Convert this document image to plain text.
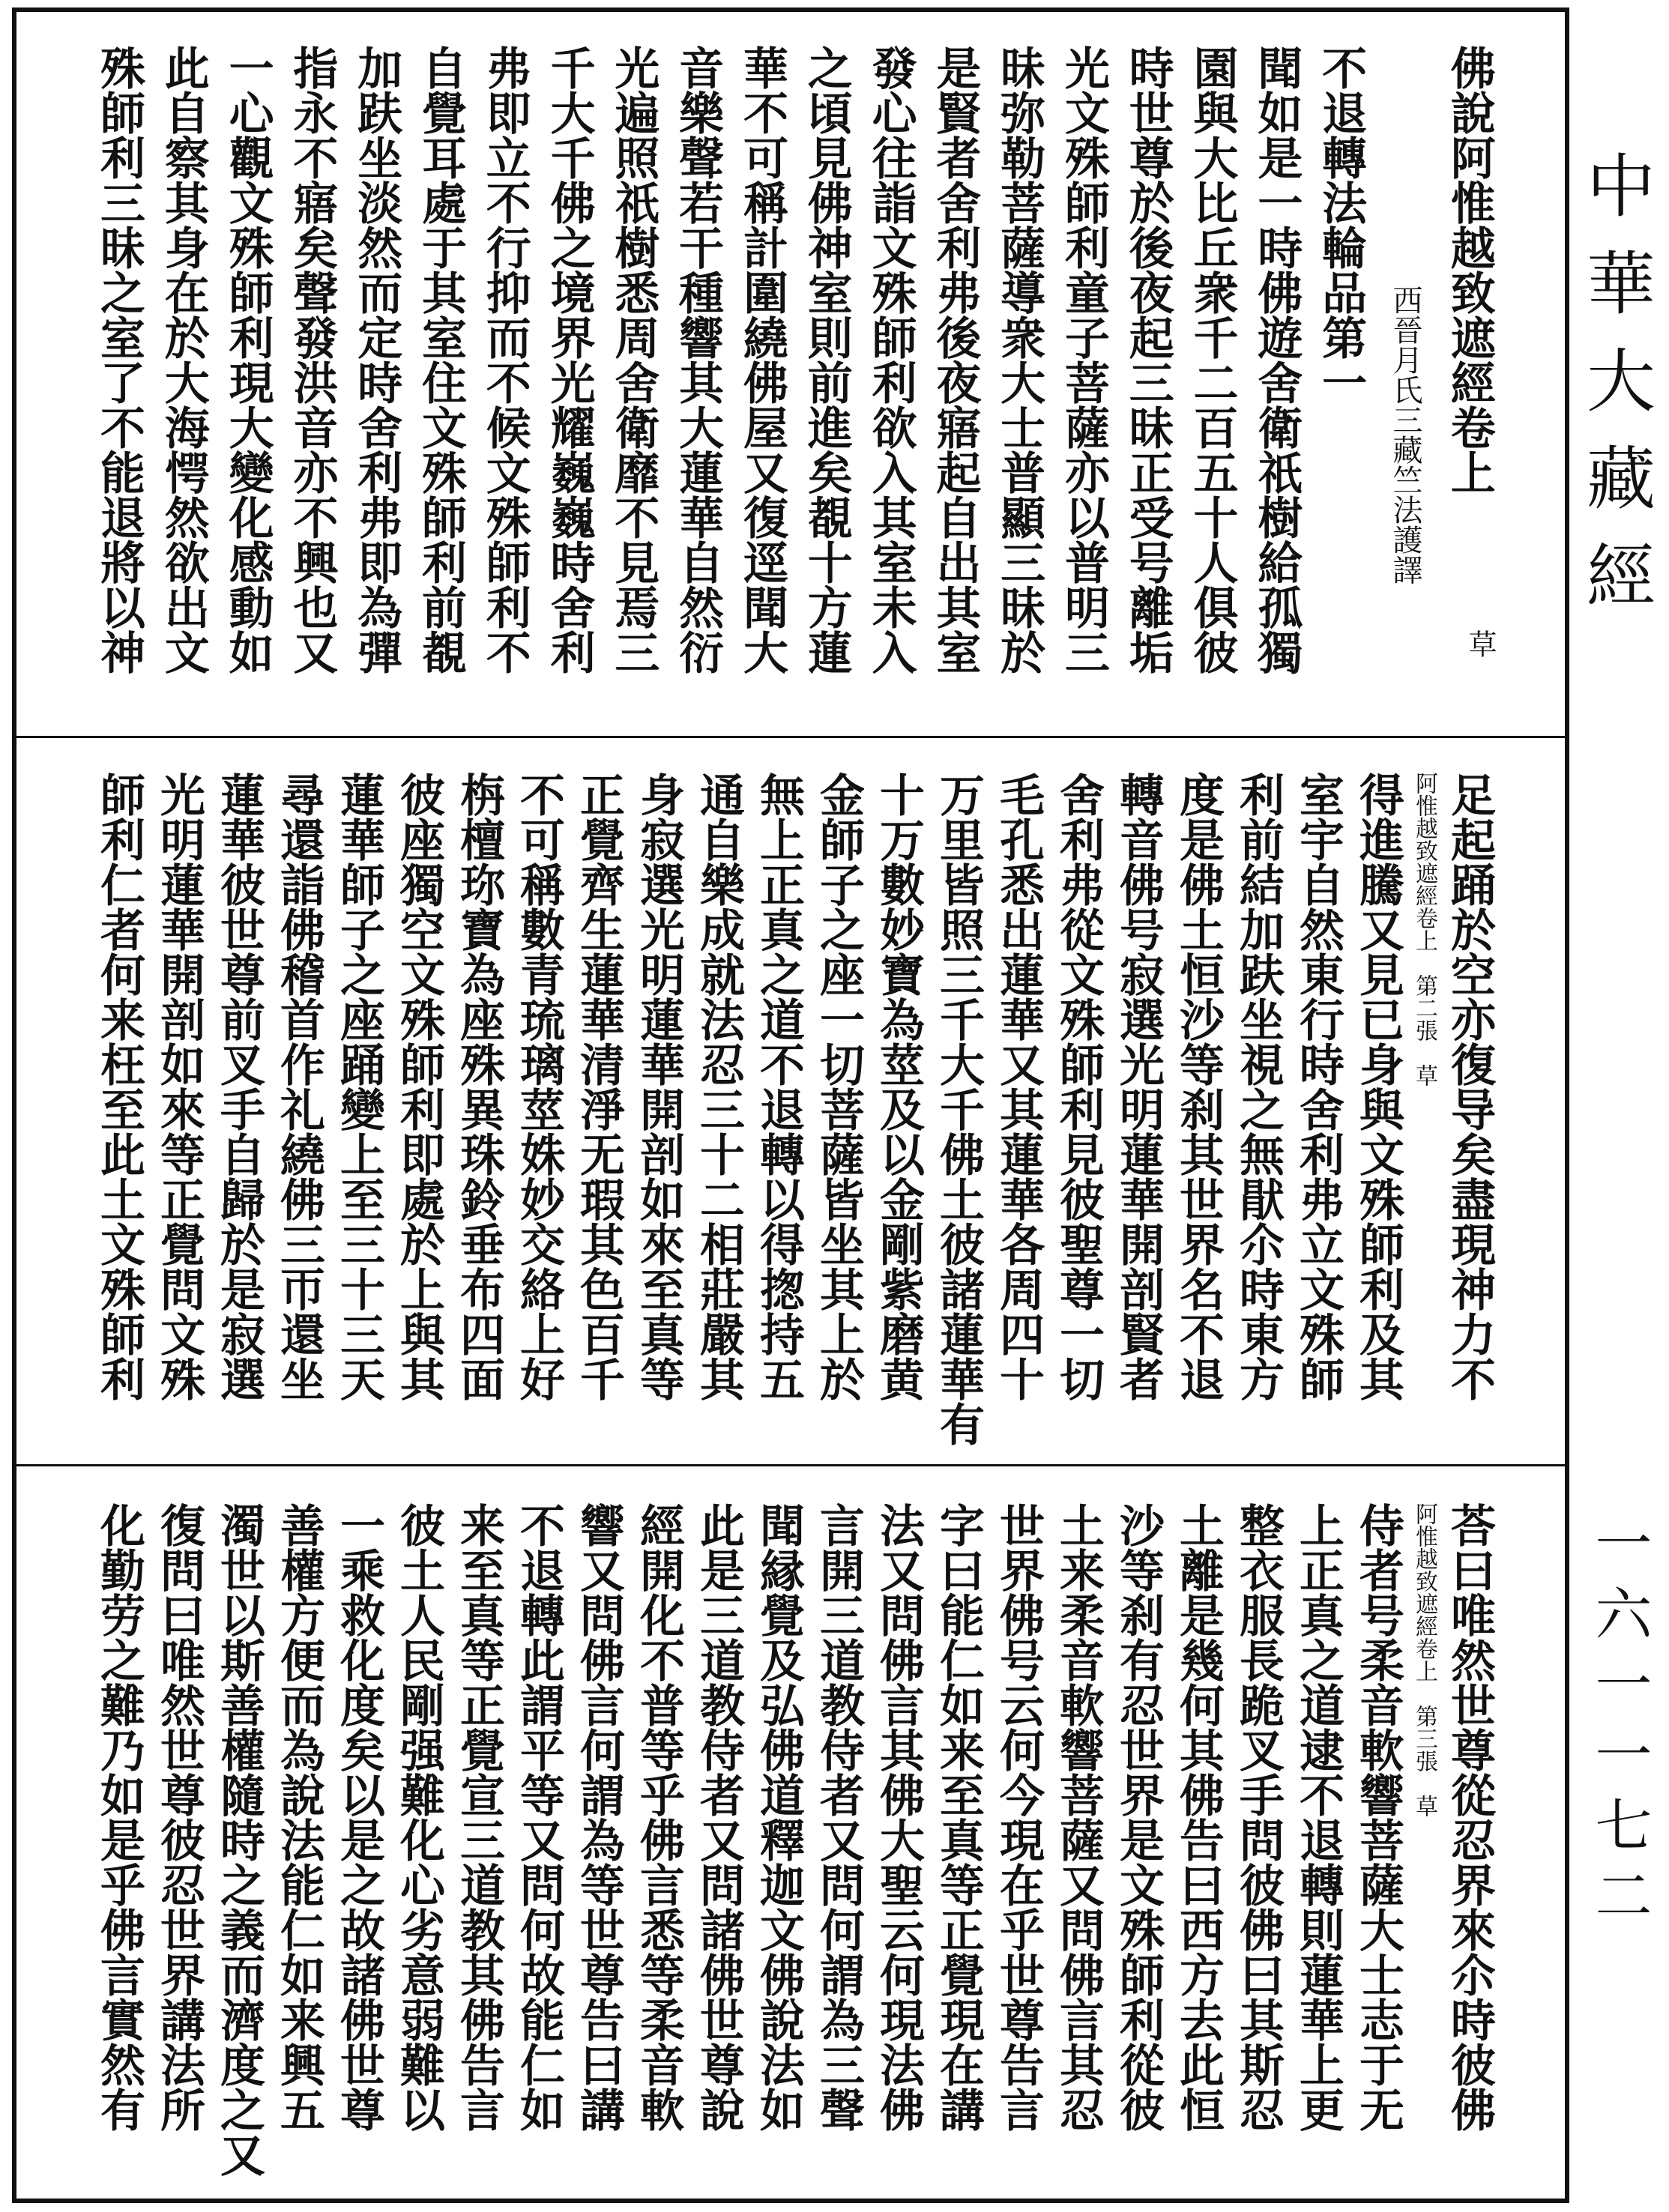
佛說阿惟越致遮經卷上
西晉月氏三藏竺法護譯
不退轉法輪品第一
聞如是一時佛遊舍衛祇樹給孤獨
園與大比丘衆千二百五十人俱彼
時世尊於後夜起三昧正受号離垢
光文殊師利童子菩薩亦以普明三
昧弥勒菩薩導衆大士普顯三昧於
是賢者舍利弗後夜寤起自出其室
發心往詣文殊師利欲入其室未入
之頃見佛神室則前進矣覩十方蓮
華不可稱計圍繞佛屋又復逕聞大
音樂聲若干種響其大蓮華自然衍
光遍照祇樹悉周舍衛靡不見焉三
千大千佛之境界光耀巍巍時舍利
弗即立不行抑而不候文殊師利不
自覺耳處于其室住文殊師利前覩
加趺坐淡然而定時舍利弗即為彈
指永不寤矣聲發洪音亦不興也又
一心觀文殊師利現大變化感動如
此自察其身在於大海愕然欲出文
殊師利三昧之室了不能退將以神	草
足起踊於空亦復导矣盡現神力不
阿惟越致遮經卷上　第二張　草
得進騰又見已身與文殊師利及其
室宇自然東行時舍利弗立文殊師
利前結加趺坐視之無猒尒時東方
度是佛土恒沙等刹其世界名不退
轉音佛号寂選光明蓮華開剖賢者
舍利弗從文殊師利見彼聖尊一切
毛孔悉出蓮華又其蓮華各周四十
万里皆照三千大千佛土彼諸蓮華有
十万數妙寶為莖及以金剛紫磨黄
金師子之座一切菩薩皆坐其上於
無上正真之道不退轉以得揔持五
通自樂成就法忍三十二相莊嚴其
身寂選光明蓮華開剖如來至真等
正覺齊生蓮華清淨无瑕其色百千
不可稱數青琉璃莖姝妙交絡上好
栴檀珎寶為座殊異珠鈴垂布四面
彼座獨空文殊師利即處於上與其
蓮華師子之座踊變上至三十三天
尋還詣佛稽首作礼繞佛三帀還坐
蓮華彼世尊前叉手自歸於是寂選
光明蓮華開剖如來等正覺問文殊
師利仁者何来枉至此土文殊師利
荅曰唯然世尊從忍界來尒時彼佛
阿惟越致遮經卷上　第三張　草
侍者号柔音軟響菩薩大士志于无
上正真之道逮不退轉則蓮華上更
整衣服長跪叉手問彼佛曰其斯忍
土離是幾何其佛告曰西方去此恒
沙等刹有忍世界是文殊師利從彼
土来柔音軟響菩薩又問佛言其忍
世界佛号云何今現在乎世尊告言
字曰能仁如来至真等正覺現在講
法又問佛言其佛大聖云何現法佛
言開三道教侍者又問何謂為三聲
聞縁覺及弘佛道釋迦文佛說法如
此是三道教侍者又問諸佛世尊說
經開化不普等乎佛言悉等柔音軟
響又問佛言何謂為等世尊告曰講
不退轉此謂平等又問何故能仁如
来至真等正覺宣三道教其佛告言
彼土人民剛强難化心劣意弱難以
一乘救化度矣以是之故諸佛世尊
善權方便而為說法能仁如来興五
濁世以斯善權隨時之義而濟度之又
復問曰唯然世尊彼忍世界講法所
化勤劳之難乃如是乎佛言實然有
中華大藏經
一六一一七二
